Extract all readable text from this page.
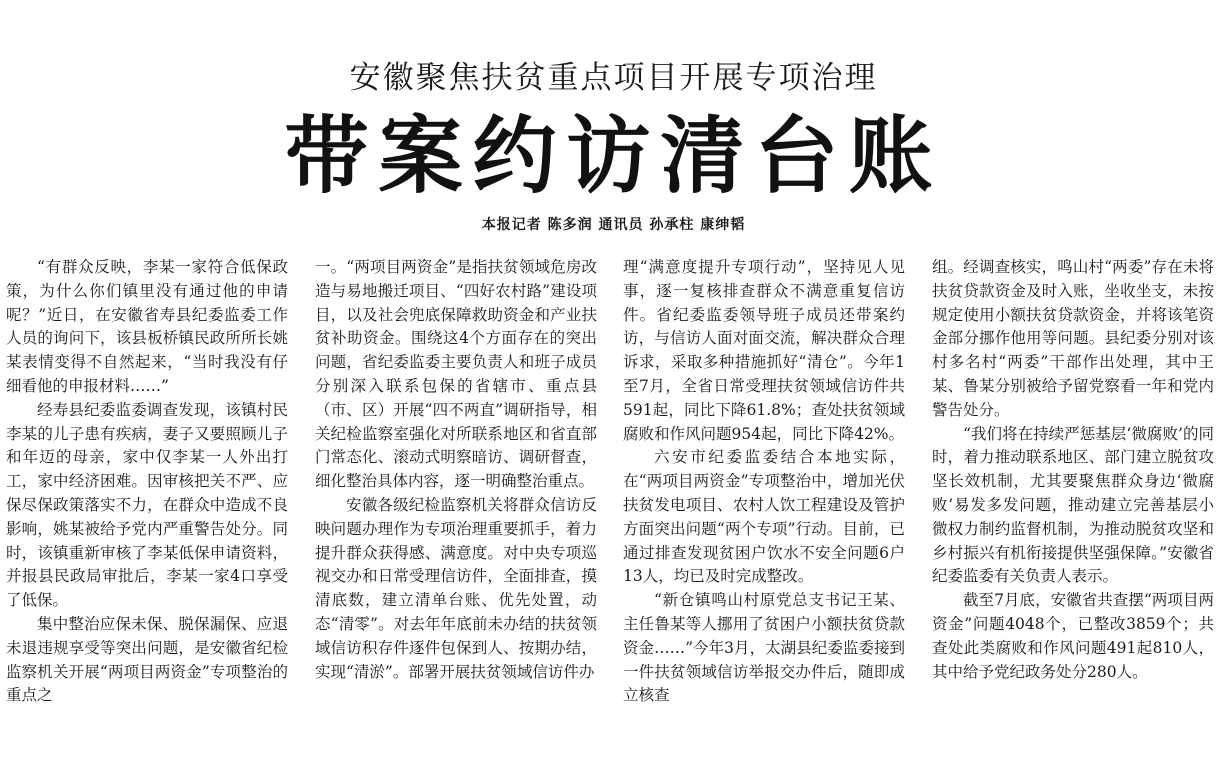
安徽聚焦扶贫重点项目开展专项治理
带案约访清台账
本报记者 陈多润 通讯员 孙承柱 康绅韬

“有群众反映，李某一家符合低保政策，为什么你们镇里没有通过他的申请呢？”近日，在安徽省寿县纪委监委工作人员的询问下，该县板桥镇民政所所长姚某表情变得不自然起来，“当时我没有仔细看他的申报材料……”

经寿县纪委监委调查发现，该镇村民李某的儿子患有疾病，妻子又要照顾儿子和年迈的母亲，家中仅李某一人外出打工，家中经济困难。因审核把关不严、应保尽保政策落实不力，在群众中造成不良影响，姚某被给予党内严重警告处分。同时，该镇重新审核了李某低保申请资料，并报县民政局审批后，李某一家4口享受了低保。

集中整治应保未保、脱保漏保、应退未退违规享受等突出问题，是安徽省纪检监察机关开展“两项目两资金”专项整治的重点之

一。“两项目两资金”是指扶贫领域危房改造与易地搬迁项目、“四好农村路”建设项目，以及社会兜底保障救助资金和产业扶贫补助资金。围绕这4个方面存在的突出问题，省纪委监委主要负责人和班子成员分别深入联系包保的省辖市、重点县（市、区）开展“四不两直”调研指导，相关纪检监察室强化对所联系地区和省直部门常态化、滚动式明察暗访、调研督查，细化整治具体内容，逐一明确整治重点。

安徽各级纪检监察机关将群众信访反映问题办理作为专项治理重要抓手，着力提升群众获得感、满意度。对中央专项巡视交办和日常受理信访件，全面排查，摸清底数，建立清单台账、优先处置，动态“清零”。对去年年底前未办结的扶贫领域信访积存件逐件包保到人、按期办结，实现“清淤”。部署开展扶贫领域信访件办

理“满意度提升专项行动”，坚持见人见事，逐一复核排查群众不满意重复信访件。省纪委监委领导班子成员还带案约访，与信访人面对面交流，解决群众合理诉求，采取多种措施抓好“清仓”。今年1至7月，全省日常受理扶贫领域信访件共591起，同比下降61.8%；查处扶贫领域腐败和作风问题954起，同比下降42%。

六安市纪委监委结合本地实际，在“两项目两资金”专项整治中，增加光伏扶贫发电项目、农村人饮工程建设及管护方面突出问题“两个专项”行动。目前，已通过排查发现贫困户饮水不安全问题6户13人，均已及时完成整改。

“新仓镇鸣山村原党总支书记王某、主任鲁某等人挪用了贫困户小额扶贫贷款资金……”今年3月，太湖县纪委监委接到一件扶贫领域信访举报交办件后，随即成立核查

组。经调查核实，鸣山村“两委”存在未将扶贫贷款资金及时入账，坐收坐支，未按规定使用小额扶贫贷款资金，并将该笔资金部分挪作他用等问题。县纪委分别对该村多名村“两委”干部作出处理，其中王某、鲁某分别被给予留党察看一年和党内警告处分。

“我们将在持续严惩基层‘微腐败’的同时，着力推动联系地区、部门建立脱贫攻坚长效机制，尤其要聚焦群众身边‘微腐败’易发多发问题，推动建立完善基层小微权力制约监督机制，为推动脱贫攻坚和乡村振兴有机衔接提供坚强保障。”安徽省纪委监委有关负责人表示。

截至7月底，安徽省共查摆“两项目两资金”问题4048个，已整改3859个；共查处此类腐败和作风问题491起810人，其中给予党纪政务处分280人。
